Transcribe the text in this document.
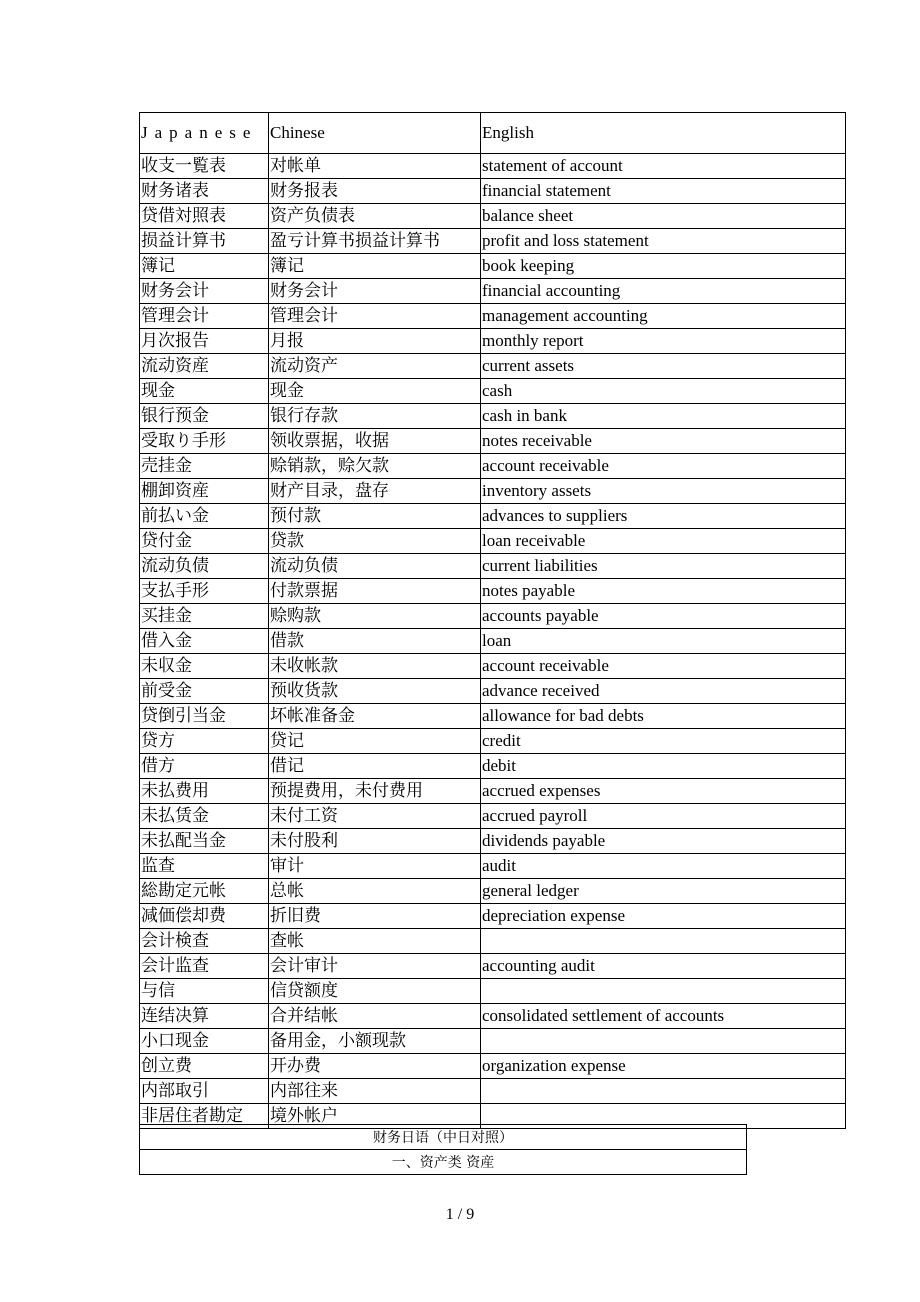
Japanese	Chinese	English
收支一覧表	对帐单	statement of account
财务诸表	财务报表	financial statement
贷借対照表	资产负债表	balance sheet
损益计算书	盈亏计算书损益计算书	profit and loss statement
簿记	簿记	book keeping
财务会计	财务会计	financial accounting
管理会计	管理会计	management accounting
月次报告	月报	monthly report
流动资産	流动资产	current assets
现金	现金	cash
银行预金	银行存款	cash in bank
受取り手形	领收票据，收据	notes receivable
売挂金	赊销款，赊欠款	account receivable
棚卸资産	财产目录，盘存	inventory assets
前払い金	预付款	advances to suppliers
贷付金	贷款	loan receivable
流动负债	流动负债	current liabilities
支払手形	付款票据	notes payable
买挂金	赊购款	accounts payable
借入金	借款	loan
未収金	未收帐款	account receivable
前受金	预收货款	advance received
贷倒引当金	坏帐准备金	allowance for bad debts
贷方	贷记	credit
借方	借记	debit
未払费用	预提费用，未付费用	accrued expenses
未払赁金	未付工资	accrued payroll
未払配当金	未付股利	dividends payable
监查	审计	audit
総勘定元帐	总帐	general ledger
减価偿却费	折旧费	depreciation expense
会计検查	查帐	
会计监查	会计审计	accounting audit
与信	信贷额度	
连结决算	合并结帐	consolidated settlement of accounts
小口现金	备用金，小额现款	
创立费	开办费	organization expense
内部取引	内部往来	
非居住者勘定	境外帐户	
财务日语（中日对照）
一、资产类 资産
1 / 9
